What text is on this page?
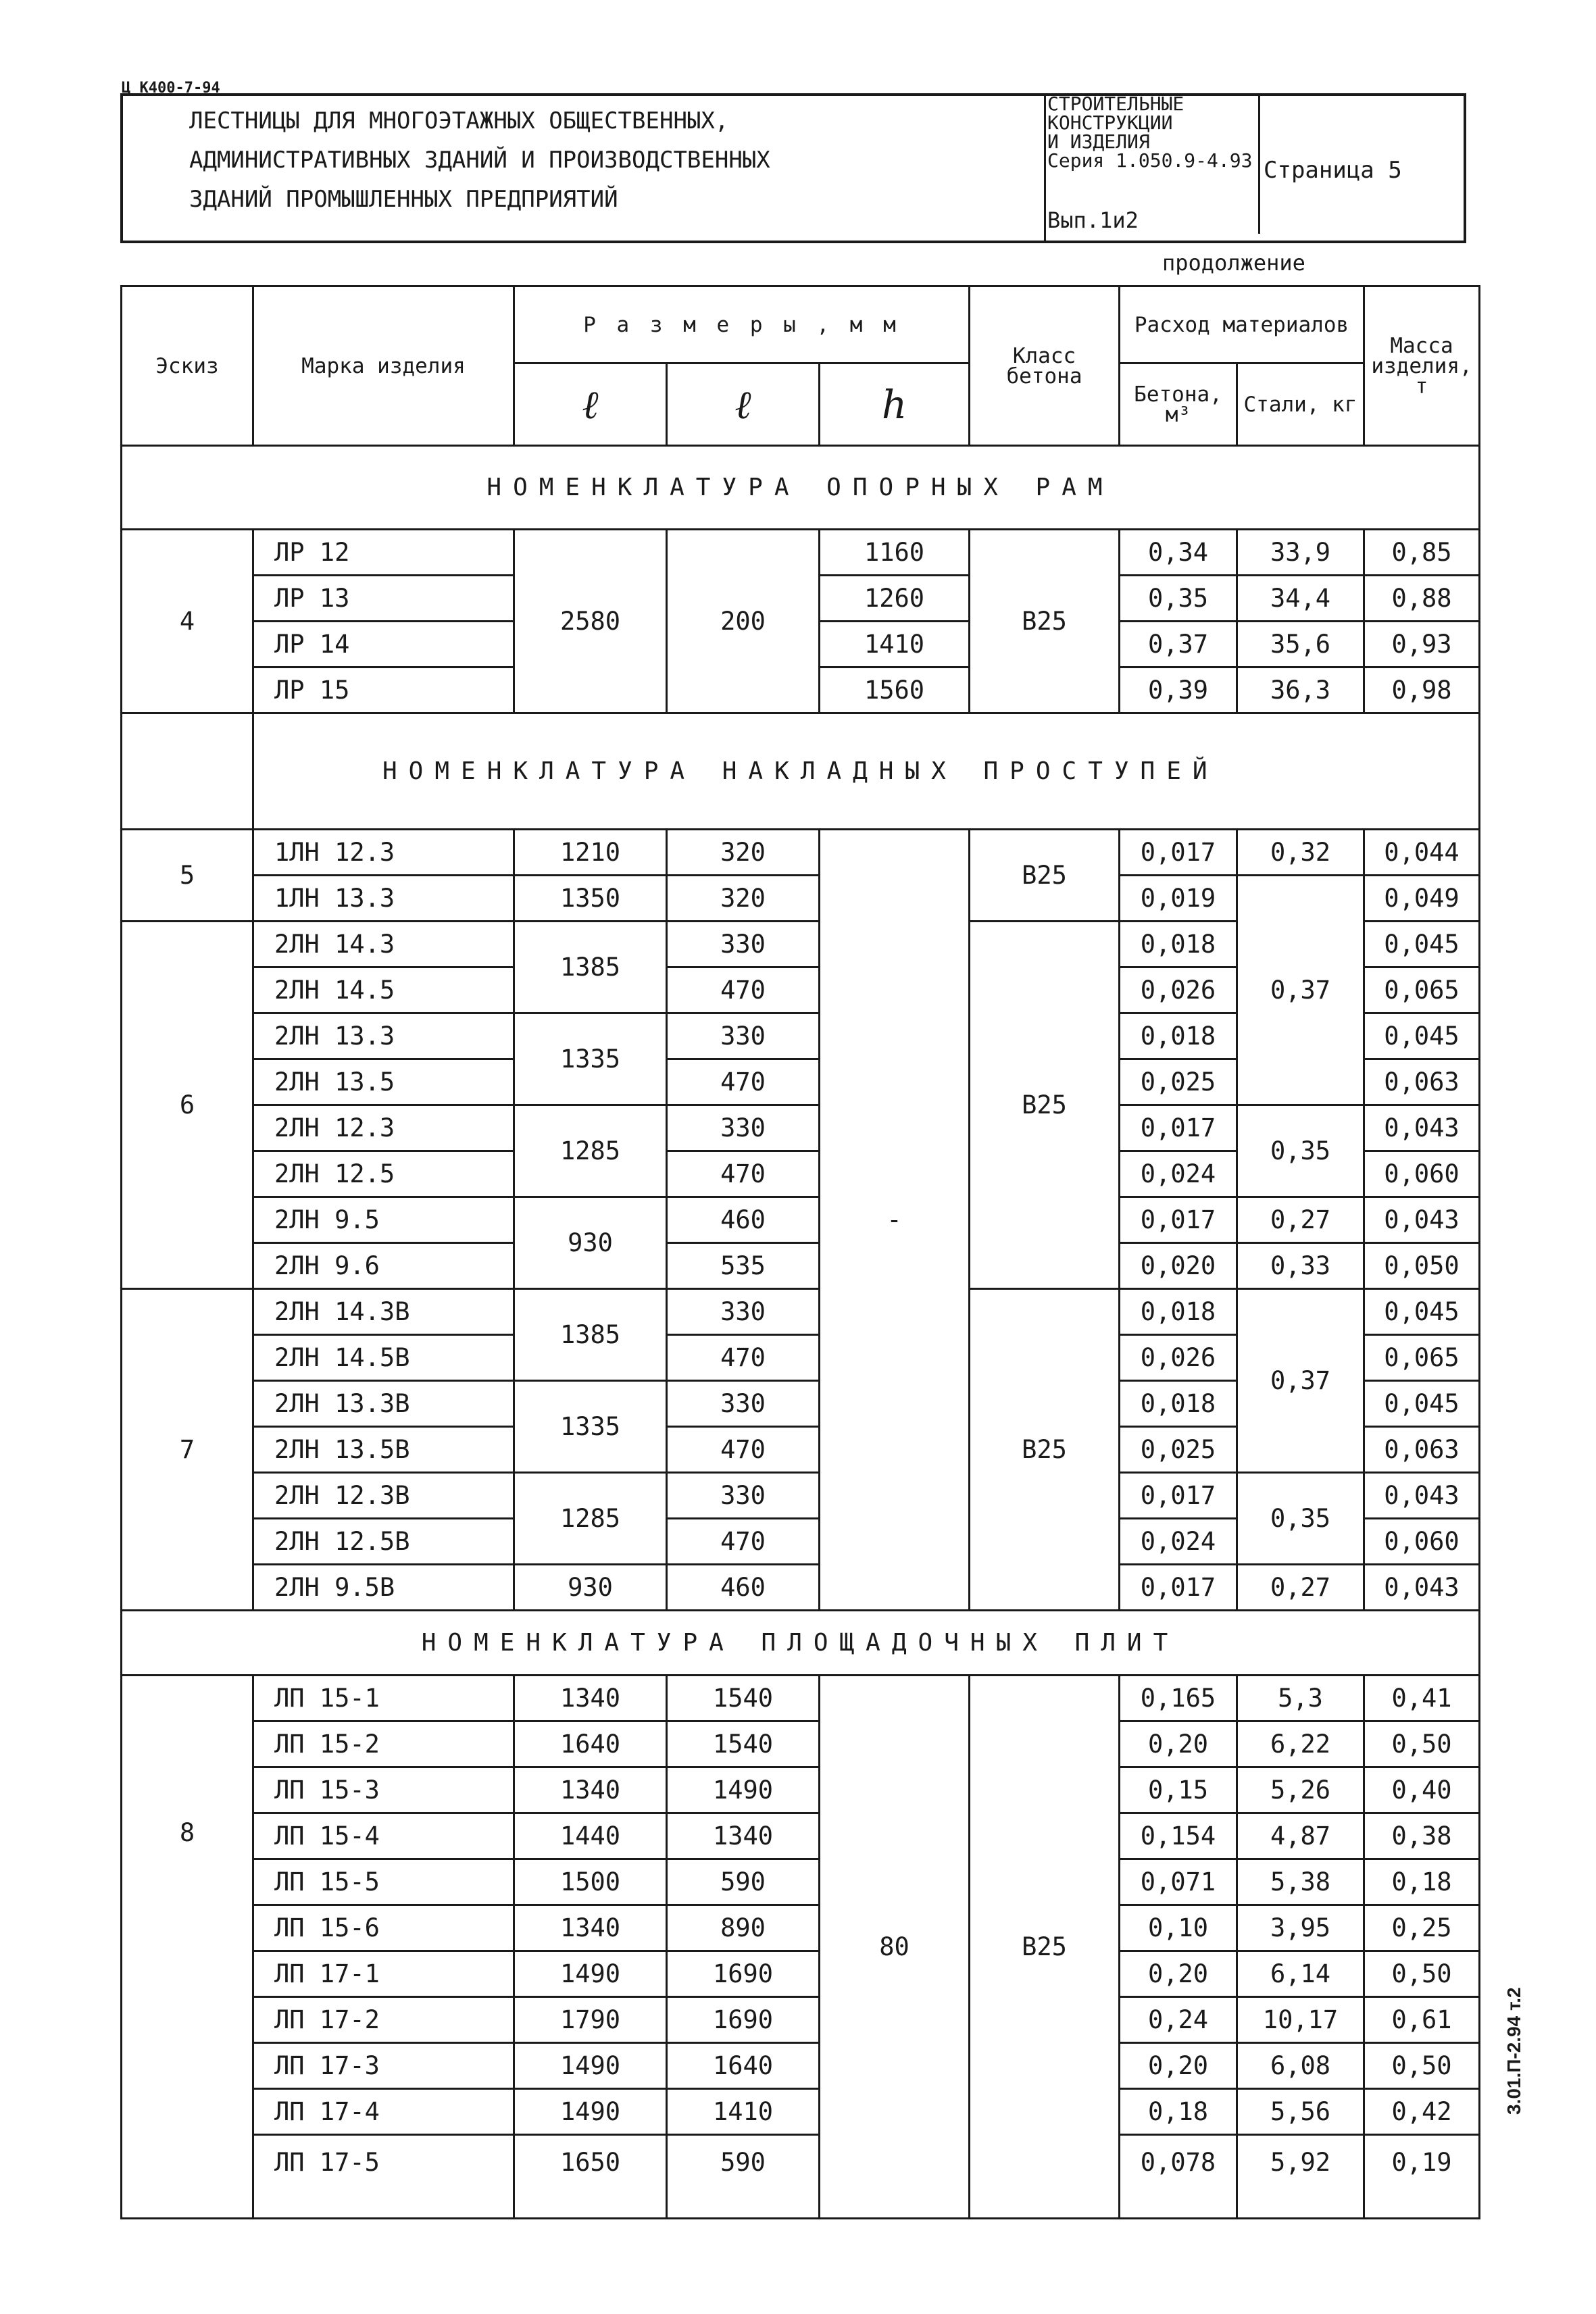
Ц К400-7-94
ЛЕСТНИЦЫ ДЛЯ МНОГОЭТАЖНЫХ ОБЩЕСТВЕННЫХ,
АДМИНИСТРАТИВНЫХ ЗДАНИЙ И ПРОИЗВОДСТВЕННЫХ
ЗДАНИЙ ПРОМЫШЛЕННЫХ ПРЕДПРИЯТИЙ
СТРОИТЕЛЬНЫЕ
КОНСТРУКЦИИ
И ИЗДЕЛИЯ
Серия 1.050.9-4.93
Вып.1и2
Страница 5
продолжение
Эскиз	Марка изделия	Р а з м е р ы , м м			Класс бетона	Расход материалов		Масса изделия, т
		ℓ	ℓ	h		Бетона, м³	Стали, кг	
НОМЕНКЛАТУРА ОПОРНЫХ РАМ								
4	ЛР 12	2580	200	1160	В25	0,34	33,9	0,85
	ЛР 13			1260		0,35	34,4	0,88
	ЛР 14			1410		0,37	35,6	0,93
	ЛР 15			1560		0,39	36,3	0,98
	НОМЕНКЛАТУРА НАКЛАДНЫХ ПРОСТУПЕЙ							
5	1ЛН 12.3	1210	320	-	В25	0,017	0,32	0,044
	1ЛН 13.3	1350	320			0,019	0,37	0,049
6	2ЛН 14.3	1385	330		В25	0,018		0,045
	2ЛН 14.5		470			0,026		0,065
	2ЛН 13.3	1335	330			0,018		0,045
	2ЛН 13.5		470			0,025		0,063
	2ЛН 12.3	1285	330			0,017	0,35	0,043
	2ЛН 12.5		470			0,024		0,060
	2ЛН 9.5	930	460			0,017	0,27	0,043
	2ЛН 9.6		535			0,020	0,33	0,050
7	2ЛН 14.3В	1385	330		В25	0,018	0,37	0,045
	2ЛН 14.5В		470			0,026		0,065
	2ЛН 13.3В	1335	330			0,018		0,045
	2ЛН 13.5В		470			0,025		0,063
	2ЛН 12.3В	1285	330			0,017	0,35	0,043
	2ЛН 12.5В		470			0,024		0,060
	2ЛН 9.5В	930	460			0,017	0,27	0,043
НОМЕНКЛАТУРА ПЛОЩАДОЧНЫХ ПЛИТ								
8	ЛП 15-1	1340	1540	80	В25	0,165	5,3	0,41
	ЛП 15-2	1640	1540			0,20	6,22	0,50
	ЛП 15-3	1340	1490			0,15	5,26	0,40
	ЛП 15-4	1440	1340			0,154	4,87	0,38
	ЛП 15-5	1500	590			0,071	5,38	0,18
	ЛП 15-6	1340	890			0,10	3,95	0,25
	ЛП 17-1	1490	1690			0,20	6,14	0,50
	ЛП 17-2	1790	1690			0,24	10,17	0,61
	ЛП 17-3	1490	1640			0,20	6,08	0,50
	ЛП 17-4	1490	1410			0,18	5,56	0,42
	ЛП 17-5	1650	590			0,078	5,92	0,19
3.01.П-2.94 т.2
